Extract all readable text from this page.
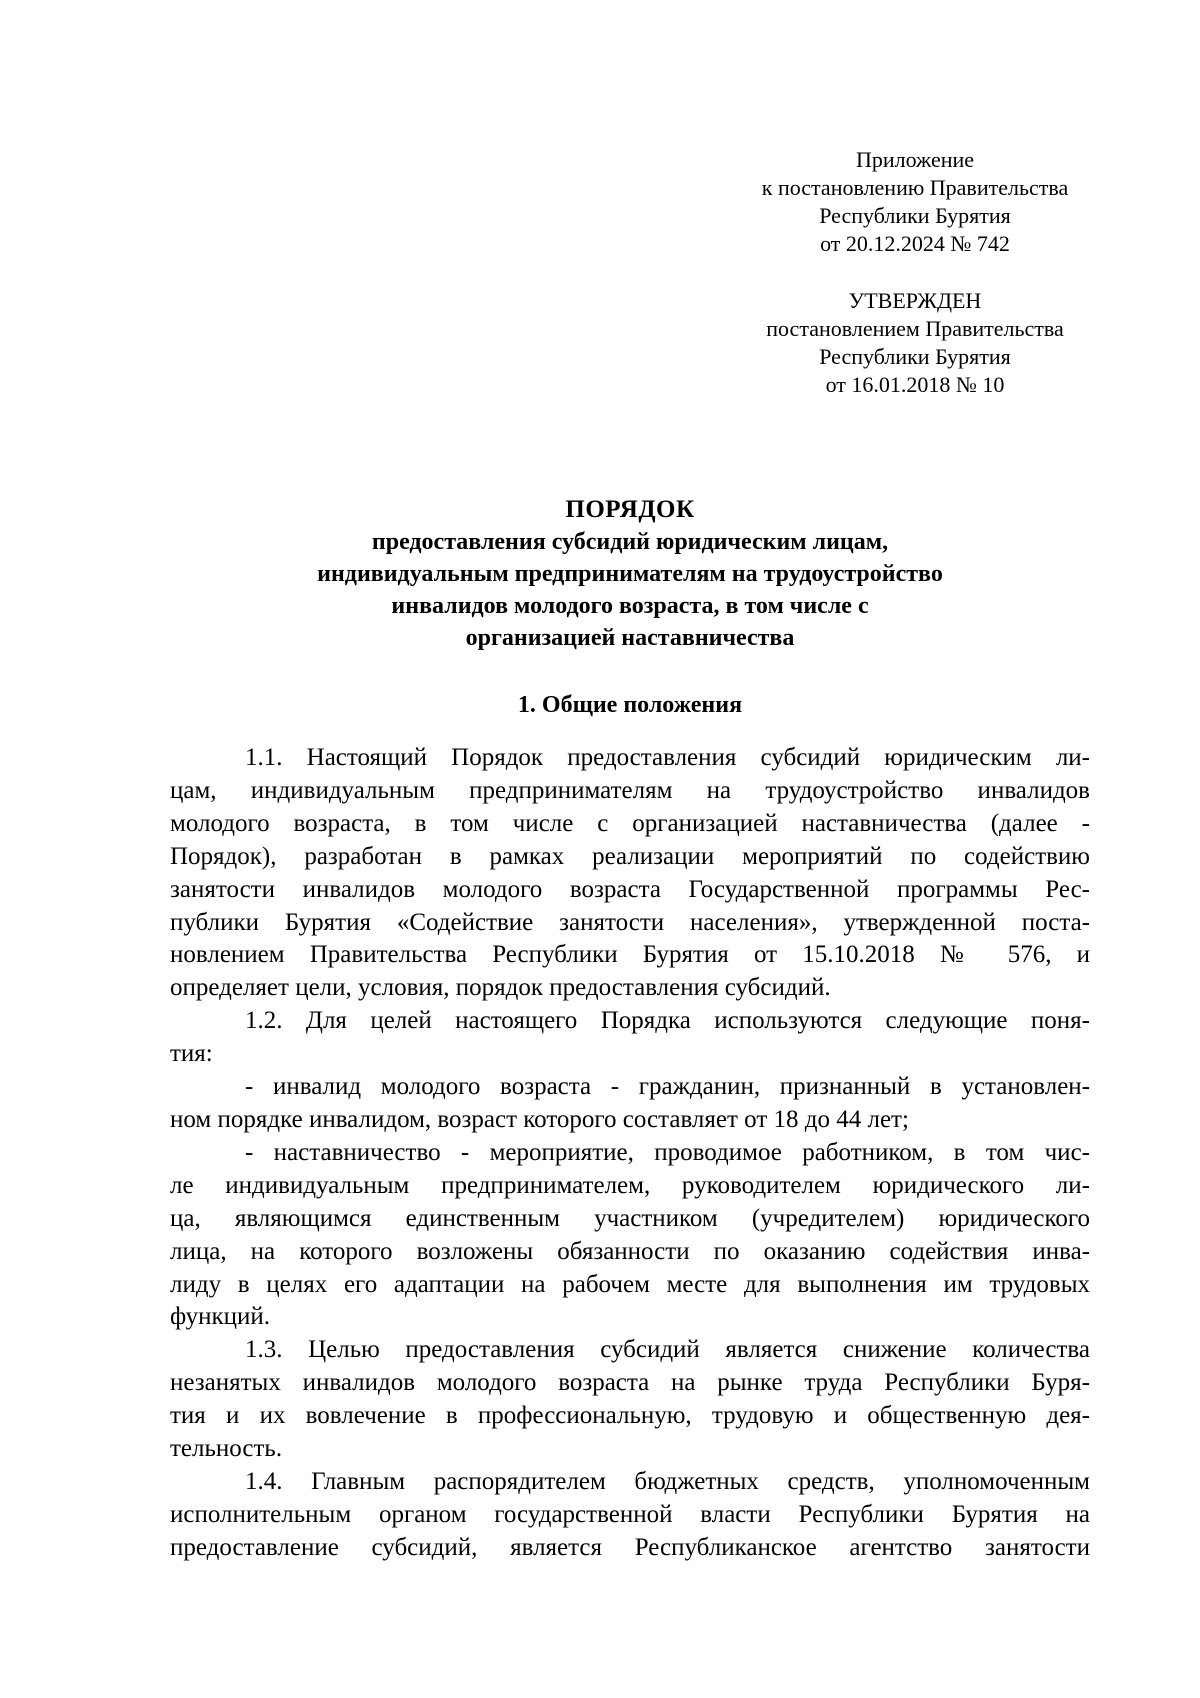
Приложение
к постановлению Правительства
Республики Бурятия
от 20.12.2024 № 742
УТВЕРЖДЕН
постановлением Правительства
Республики Бурятия
от 16.01.2018 № 10
ПОРЯДОК
предоставления субсидий юридическим лицам,
индивидуальным предпринимателям на трудоустройство
инвалидов молодого возраста, в том числе с
организацией наставничества
1. Общие положения
1.1. Настоящий Порядок предоставления субсидий юридическим ли-
цам, индивидуальным предпринимателям на трудоустройство инвалидов
молодого возраста, в том числе с организацией наставничества (далее -
Порядок), разработан в рамках реализации мероприятий по содействию
занятости инвалидов молодого возраста Государственной программы Рес-
публики Бурятия «Содействие занятости населения», утвержденной поста-
новлением Правительства Республики Бурятия от 15.10.2018 № 576, и
определяет цели, условия, порядок предоставления субсидий.
1.2. Для целей настоящего Порядка используются следующие поня-
тия:
- инвалид молодого возраста - гражданин, признанный в установлен-
ном порядке инвалидом, возраст которого составляет от 18 до 44 лет;
- наставничество - мероприятие, проводимое работником, в том чис-
ле индивидуальным предпринимателем, руководителем юридического ли-
ца, являющимся единственным участником (учредителем) юридического
лица, на которого возложены обязанности по оказанию содействия инва-
лиду в целях его адаптации на рабочем месте для выполнения им трудовых
функций.
1.3. Целью предоставления субсидий является снижение количества
незанятых инвалидов молодого возраста на рынке труда Республики Буря-
тия и их вовлечение в профессиональную, трудовую и общественную дея-
тельность.
1.4. Главным распорядителем бюджетных средств, уполномоченным
исполнительным органом государственной власти Республики Бурятия на
предоставление субсидий, является Республиканское агентство занятости
